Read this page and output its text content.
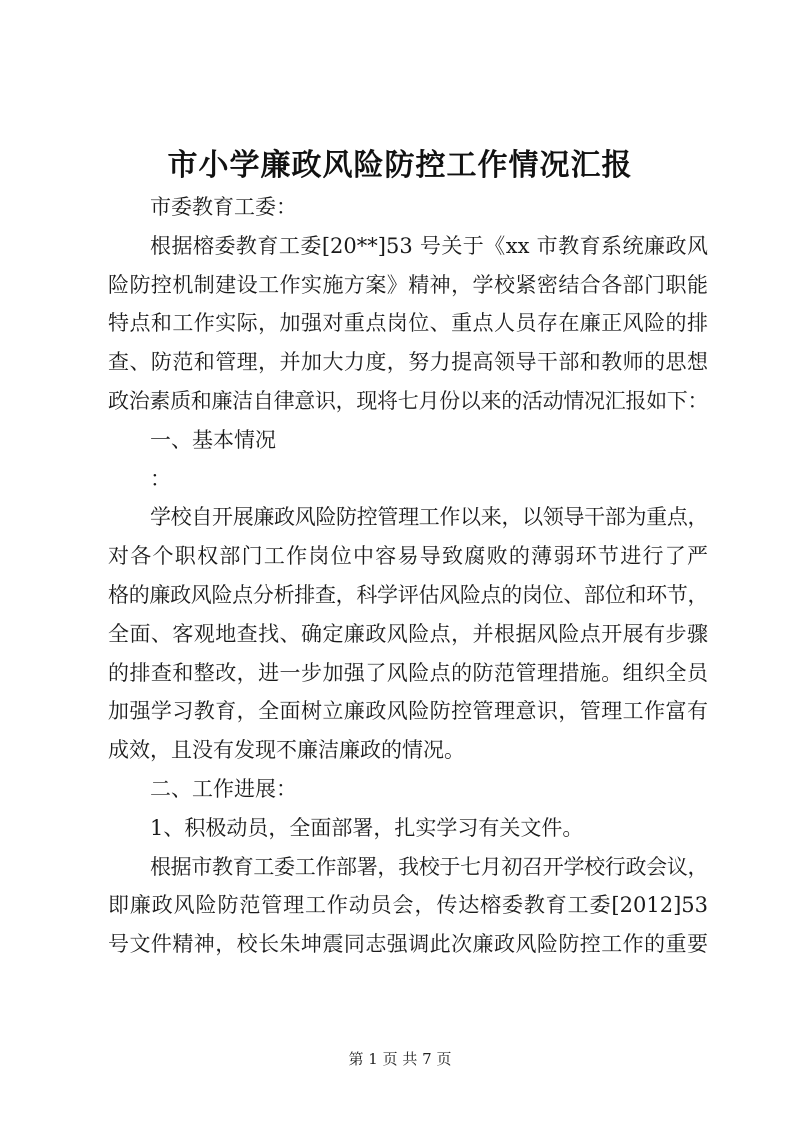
市小学廉政风险防控工作情况汇报
市委教育工委：
根据榕委教育工委[20**]53 号关于《xx 市教育系统廉政风
险防控机制建设工作实施方案》精神，学校紧密结合各部门职能
特点和工作实际，加强对重点岗位、重点人员存在廉正风险的排
查、防范和管理，并加大力度，努力提高领导干部和教师的思想
政治素质和廉洁自律意识，现将七月份以来的活动情况汇报如下：
一、基本情况
：
学校自开展廉政风险防控管理工作以来，以领导干部为重点，
对各个职权部门工作岗位中容易导致腐败的薄弱环节进行了严
格的廉政风险点分析排查，科学评估风险点的岗位、部位和环节，
全面、客观地查找、确定廉政风险点，并根据风险点开展有步骤
的排查和整改，进一步加强了风险点的防范管理措施。组织全员
加强学习教育，全面树立廉政风险防控管理意识，管理工作富有
成效，且没有发现不廉洁廉政的情况。
二、工作进展：
1、积极动员，全面部署，扎实学习有关文件。
根据市教育工委工作部署，我校于七月初召开学校行政会议，
即廉政风险防范管理工作动员会，传达榕委教育工委[2012]53
号文件精神，校长朱坤震同志强调此次廉政风险防控工作的重要
第 1 页 共 7 页
